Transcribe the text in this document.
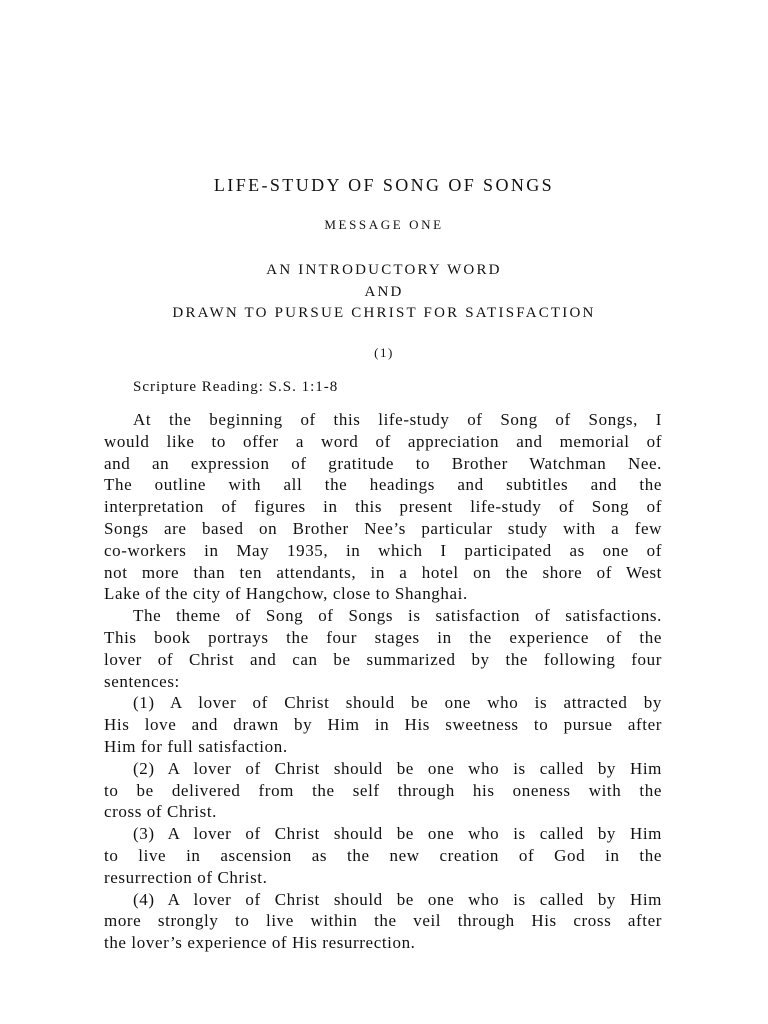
LIFE-STUDY OF SONG OF SONGS
MESSAGE ONE
AN INTRODUCTORY WORD
AND
DRAWN TO PURSUE CHRIST FOR SATISFACTION
(1)
Scripture Reading: S.S. 1:1-8
At the beginning of this life-study of Song of Songs, I
would like to offer a word of appreciation and memorial of
and an expression of gratitude to Brother Watchman Nee.
The outline with all the headings and subtitles and the
interpretation of figures in this present life-study of Song of
Songs are based on Brother Nee’s particular study with a few
co-workers in May 1935, in which I participated as one of
not more than ten attendants, in a hotel on the shore of West
Lake of the city of Hangchow, close to Shanghai.
The theme of Song of Songs is satisfaction of satisfactions.
This book portrays the four stages in the experience of the
lover of Christ and can be summarized by the following four
sentences:
(1) A lover of Christ should be one who is attracted by
His love and drawn by Him in His sweetness to pursue after
Him for full satisfaction.
(2) A lover of Christ should be one who is called by Him
to be delivered from the self through his oneness with the
cross of Christ.
(3) A lover of Christ should be one who is called by Him
to live in ascension as the new creation of God in the
resurrection of Christ.
(4) A lover of Christ should be one who is called by Him
more strongly to live within the veil through His cross after
the lover’s experience of His resurrection.
